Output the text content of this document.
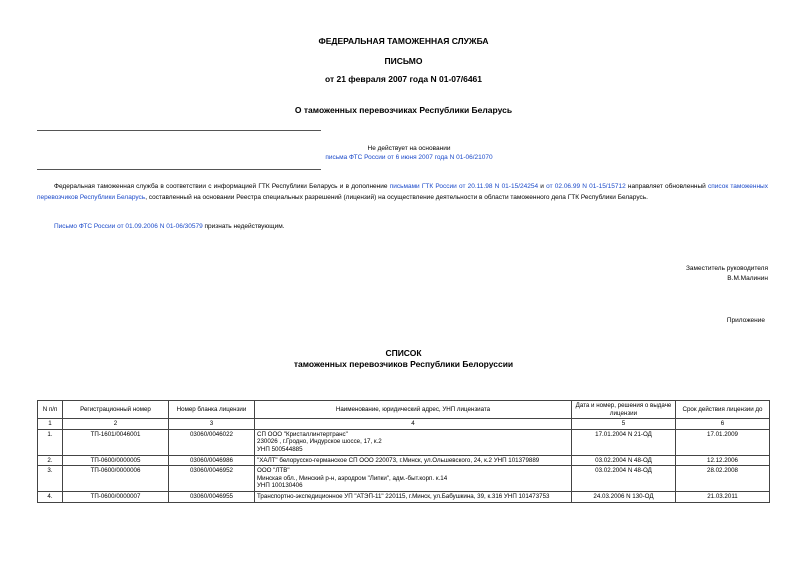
ФЕДЕРАЛЬНАЯ ТАМОЖЕННАЯ СЛУЖБА
ПИСЬМО
от 21 февраля 2007 года N 01-07/6461
О таможенных перевозчиках Республики Беларусь
Не действует на основании
письма ФТС России от 6 июня 2007 года N 01-06/21070
Федеральная таможенная служба в соответствии с информацией ГТК Республики Беларусь и в дополнение письмами ГТК России от 20.11.98 N 01-15/24254 и от 02.06.99 N 01-15/15712 направляет обновленный список таможенных перевозчиков Республики Беларусь, составленный на основании Реестра специальных разрешений (лицензий) на осуществление деятельности в области таможенного дела ГТК Республики Беларусь.
Письмо ФТС России от 01.09.2006 N 01-06/30579 признать недействующим.
Заместитель руководителя
В.М.Малинин
Приложение
СПИСОК
таможенных перевозчиков Республики Белоруссии
N п/п	Регистрационный номер	Номер бланка лицензии	Наименование, юридический адрес, УНП лицензиата	Дата и номер, решения о выдаче лицензии	Срок действия лицензии до
1	2	3	4	5	6
1.	ТП-1601/0046001	03060/0046022	СП ООО "Кристаллинтертранс"
230026 , г.Гродно, Индурское шоссе, 17, к.2
УНП 500544885	17.01.2004 N 21-ОД	17.01.2009
2.	ТП-0600/0000005	03060/0046986	"ХАЛТ" белорусско-германское СП ООО 220073, г.Минск, ул.Ольшевского, 24, к.2 УНП 101379889	03.02.2004 N 48-ОД	12.12.2006
3.	ТП-0600/0000006	03060/0046952	ООО "ЛТВ"
Минская обл., Минский р-н, аэродром "Липки", адм.-быт.корп. к.14
УНП 100130406	03.02.2004 N 48-ОД	28.02.2008
4.	ТП-0600/0000007	03060/0046955	Транспортно-экспедиционное УП "АТЭП-11" 220115, г.Минск, ул.Бабушкина, 39, к.316 УНП 101473753	24.03.2006 N 130-ОД	21.03.2011
